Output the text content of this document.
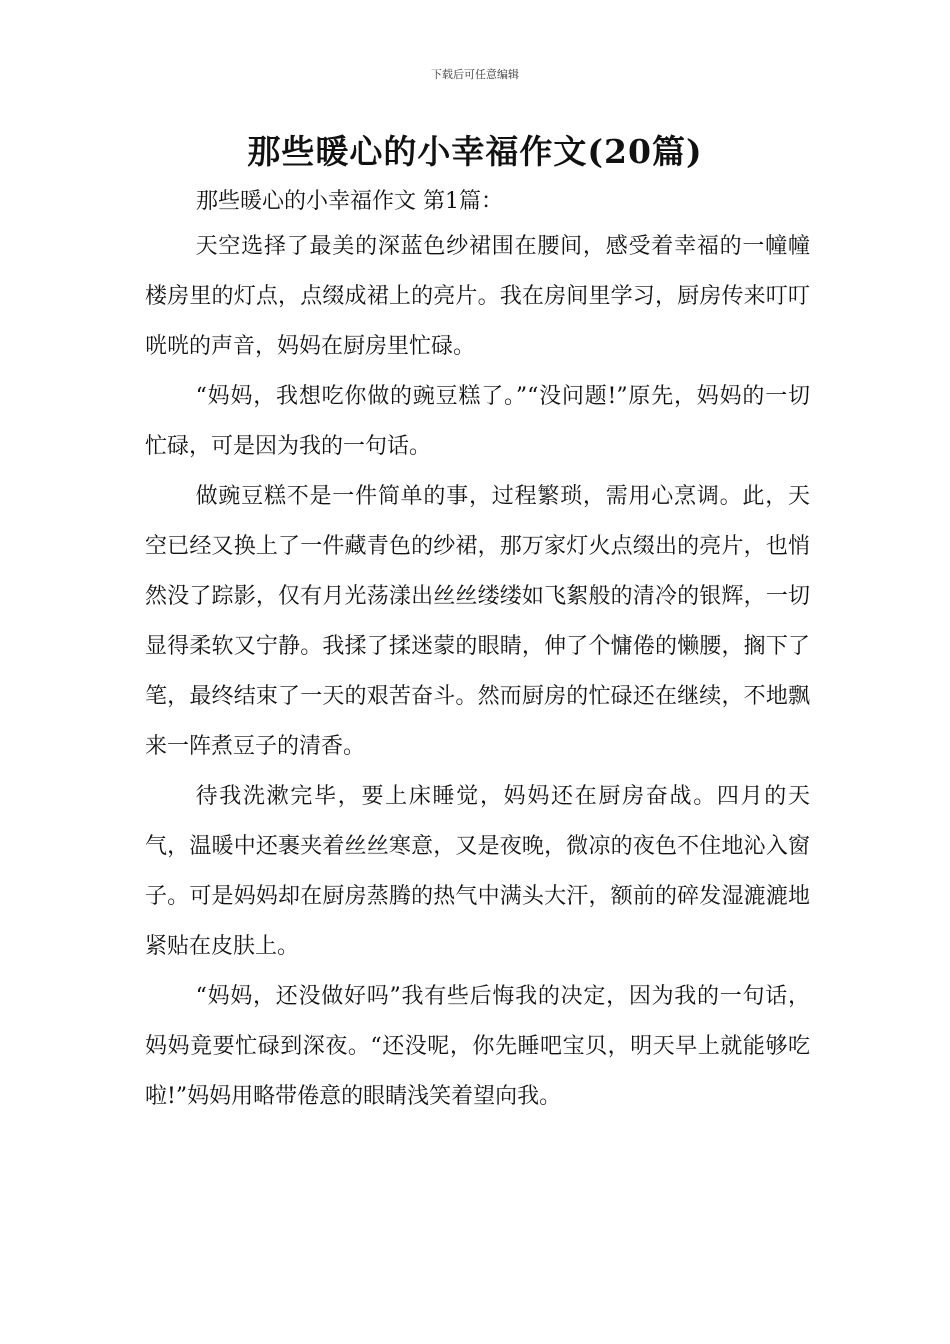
下载后可任意编辑
那些暖心的小幸福作文(20篇)
那些暖心的小幸福作文 第1篇：

天空选择了最美的深蓝色纱裙围在腰间，感受着幸福的一幢幢楼房里的灯点，点缀成裙上的亮片。我在房间里学习，厨房传来叮叮咣咣的声音，妈妈在厨房里忙碌。

“妈妈，我想吃你做的豌豆糕了。”“没问题!”原先，妈妈的一切忙碌，可是因为我的一句话。

做豌豆糕不是一件简单的事，过程繁琐，需用心烹调。此，天空已经又换上了一件藏青色的纱裙，那万家灯火点缀出的亮片，也悄然没了踪影，仅有月光荡漾出丝丝缕缕如飞絮般的清冷的银辉，一切显得柔软又宁静。我揉了揉迷蒙的眼睛，伸了个慵倦的懒腰，搁下了笔，最终结束了一天的艰苦奋斗。然而厨房的忙碌还在继续，不地飘来一阵煮豆子的清香。

待我洗漱完毕，要上床睡觉，妈妈还在厨房奋战。四月的天气，温暖中还裹夹着丝丝寒意，又是夜晚，微凉的夜色不住地沁入窗子。可是妈妈却在厨房蒸腾的热气中满头大汗，额前的碎发湿漉漉地紧贴在皮肤上。

“妈妈，还没做好吗”我有些后悔我的决定，因为我的一句话，妈妈竟要忙碌到深夜。“还没呢，你先睡吧宝贝，明天早上就能够吃啦!”妈妈用略带倦意的眼睛浅笑着望向我。
